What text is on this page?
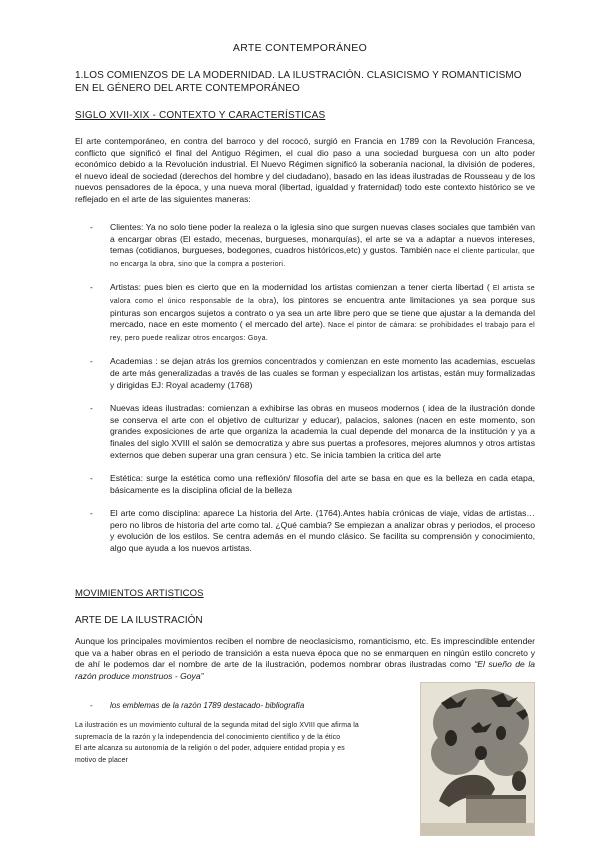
ARTE CONTEMPORÁNEO
1.LOS COMIENZOS DE LA MODERNIDAD. LA ILUSTRACIÓN. CLASICISMO Y ROMANTICISMO EN EL GÉNERO DEL ARTE CONTEMPORÁNEO
SIGLO XVII-XIX - CONTEXTO Y CARACTERÍSTICAS
El arte contemporáneo, en contra del barroco y del rococó, surgió en Francia en 1789 con la Revolución Francesa, conflicto que significó el final del Antiguo Régimen, el cual dio paso a una sociedad burguesa con un alto poder económico debido a la Revolución industrial. El Nuevo Régimen significó la soberanía nacional, la división de poderes, el nuevo ideal de sociedad (derechos del hombre y del ciudadano), basado en las ideas ilustradas de Rousseau y de los nuevos pensadores de la época, y una nueva moral (libertad, igualdad y fraternidad) todo este contexto histórico se ve reflejado en el arte de las siguientes maneras:
- Clientes: Ya no solo tiene poder la realeza o la iglesia sino que surgen nuevas clases sociales que también van a encargar obras (El estado, mecenas, burgueses, monarquías), el arte se va a adaptar a nuevos intereses, temas (cotidianos, burgueses, bodegones, cuadros históricos,etc) y gustos. También nace el cliente particular, que no encarga la obra, sino que la compra a posteriori.
- Artistas: pues bien es cierto que en la modernidad los artistas comienzan a tener cierta libertad ( El artista se valora como el único responsable de la obra), los pintores se encuentra ante limitaciones ya sea porque sus pinturas son encargos sujetos a contrato o ya sea un arte libre pero que se tiene que ajustar a la demanda del mercado, nace en este momento ( el mercado del arte). Nace el pintor de cámara: se prohibidades el trabajo para el rey, pero puede realizar otros encargos: Goya.
- Academias : se dejan atrás los gremios concentrados y comienzan en este momento las academias, escuelas de arte más generalizadas a través de las cuales se forman y especializan los artistas, están muy formalizadas y dirigidas EJ: Royal academy (1768)
- Nuevas ideas ilustradas: comienzan a exhibirse las obras en museos modernos ( idea de la ilustración donde se conserva el arte con el objetivo de culturizar y educar), palacios, salones (nacen en este momento, son grandes exposiciones de arte que organiza la academia la cual depende del monarca de la institución y ya a finales del siglo XVIII el salón se democratiza y abre sus puertas a profesores, mejores alumnos y otros artistas externos que deben superar una gran censura ) etc. Se inicia tambien la critica del arte
- Estética: surge la estética como una reflexión/ filosofía del arte se basa en que es la belleza en cada etapa, básicamente es la disciplina oficial de la belleza
- El arte como disciplina: aparece La historia del Arte. (1764).Antes había crónicas de viaje, vidas de artistas… pero no libros de historia del arte como tal. ¿Qué cambia? Se empiezan a analizar obras y periodos, el proceso y evolución de los estilos. Se centra además en el mundo clásico. Se facilita su comprensión y conocimiento, algo que ayuda a los nuevos artistas.
MOVIMIENTOS ARTISTICOS
ARTE DE LA ILUSTRACIÓN
Aunque los principales movimientos reciben el nombre de neoclasicismo, romanticismo, etc. Es imprescindible entender que va a haber obras en el periodo de transición a esta nueva época que no se enmarquen en ningún estilo concreto y de ahí le podemos dar el nombre de arte de la ilustración, podemos nombrar obras ilustradas como “El sueño de la razón produce monstruos - Goya”
- los emblemas de la razón 1789 destacado- bibliografía
La ilustración es un movimiento cultural de la segunda mitad del siglo XVIII que afirma la
supremacía de la razón y la independencia del conocimiento científico y de la ético
El arte alcanza su autonomía de la religión o del poder, adquiere entidad propia y es
motivo de placer
